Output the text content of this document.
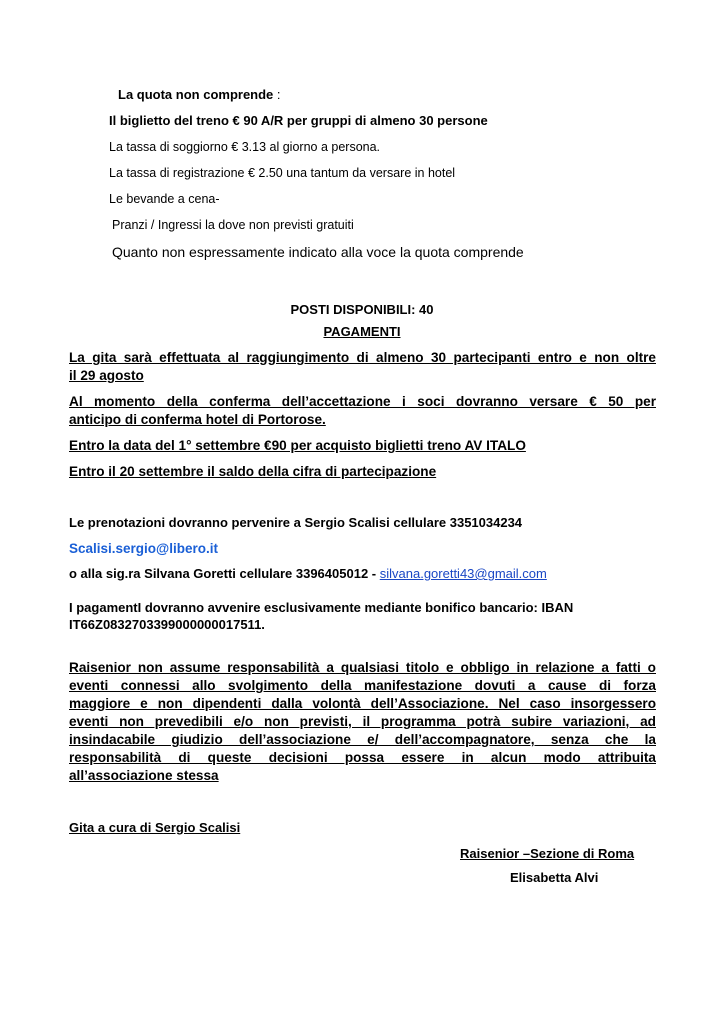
La quota non comprende :
Il biglietto del treno € 90 A/R per gruppi di almeno 30 persone
La tassa di soggiorno € 3.13 al giorno a persona.
La tassa di registrazione € 2.50 una tantum da versare in hotel
Le bevande a cena-
Pranzi / Ingressi la dove non previsti gratuiti
Quanto non espressamente indicato alla voce la quota comprende
POSTI DISPONIBILI: 40
PAGAMENTI
La gita sarà effettuata al raggiungimento di almeno 30 partecipanti entro e non oltre
il 29 agosto
Al momento della conferma dell’accettazione i soci dovranno versare € 50 per
anticipo di conferma hotel di Portorose.
Entro la data del 1° settembre €90 per acquisto biglietti treno AV ITALO
Entro il 20 settembre il saldo della cifra di partecipazione
Le prenotazioni dovranno pervenire a Sergio Scalisi cellulare 3351034234
Scalisi.sergio@libero.it
o alla sig.ra Silvana Goretti cellulare 3396405012 - silvana.goretti43@gmail.com
I pagamentI dovranno avvenire esclusivamente mediante bonifico bancario: IBAN
IT66Z0832703399000000017511.
Raisenior non assume responsabilità a qualsiasi titolo e obbligo in relazione a fatti o
eventi connessi allo svolgimento della manifestazione dovuti a cause di forza
maggiore e non dipendenti dalla volontà dell’Associazione. Nel caso insorgessero
eventi non prevedibili e/o non previsti, il programma potrà subire variazioni, ad
insindacabile giudizio dell’associazione e/ dell’accompagnatore, senza che la
responsabilità di queste decisioni possa essere in alcun modo attribuita
all’associazione stessa
Gita a cura di Sergio Scalisi
Raisenior –Sezione di Roma
Elisabetta Alvi
